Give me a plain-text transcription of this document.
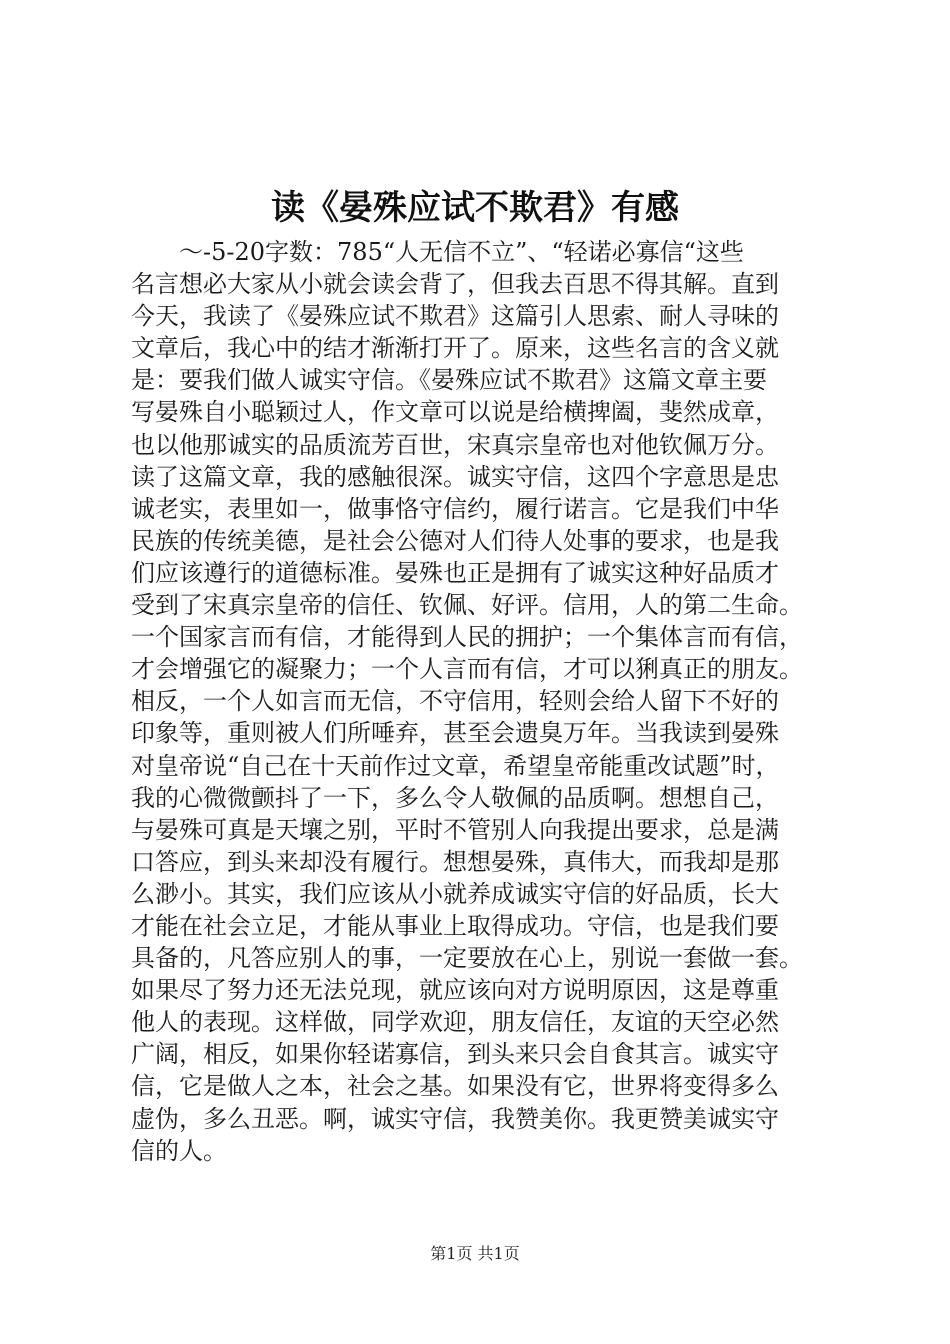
读《晏殊应试不欺君》有感
　　～-5-20字数：785“人无信不立”、“轻诺必寡信“这些
名言想必大家从小就会读会背了，但我去百思不得其解。直到
今天，我读了《晏殊应试不欺君》这篇引人思索、耐人寻味的
文章后，我心中的结才渐渐打开了。原来，这些名言的含义就
是：要我们做人诚实守信。《晏殊应试不欺君》这篇文章主要
写晏殊自小聪颖过人，作文章可以说是给横捭阖，斐然成章，
也以他那诚实的品质流芳百世，宋真宗皇帝也对他钦佩万分。
读了这篇文章，我的感触很深。诚实守信，这四个字意思是忠
诚老实，表里如一，做事恪守信约，履行诺言。它是我们中华
民族的传统美德，是社会公德对人们待人处事的要求，也是我
们应该遵行的道德标准。晏殊也正是拥有了诚实这种好品质才
受到了宋真宗皇帝的信任、钦佩、好评。信用，人的第二生命。
一个国家言而有信，才能得到人民的拥护；一个集体言而有信，
才会增强它的凝聚力；一个人言而有信，才可以猁真正的朋友。
相反，一个人如言而无信，不守信用，轻则会给人留下不好的
印象等，重则被人们所唾弃，甚至会遗臭万年。当我读到晏殊
对皇帝说“自己在十天前作过文章，希望皇帝能重改试题”时，
我的心微微颤抖了一下，多么令人敬佩的品质啊。想想自己，
与晏殊可真是天壤之别，平时不管别人向我提出要求，总是满
口答应，到头来却没有履行。想想晏殊，真伟大，而我却是那
么渺小。其实，我们应该从小就养成诚实守信的好品质，长大
才能在社会立足，才能从事业上取得成功。守信，也是我们要
具备的，凡答应别人的事，一定要放在心上，别说一套做一套。
如果尽了努力还无法兑现，就应该向对方说明原因，这是尊重
他人的表现。这样做，同学欢迎，朋友信任，友谊的天空必然
广阔，相反，如果你轻诺寡信，到头来只会自食其言。诚实守
信，它是做人之本，社会之基。如果没有它，世界将变得多么
虚伪，多么丑恶。啊，诚实守信，我赞美你。我更赞美诚实守
信的人。
第1页 共1页
